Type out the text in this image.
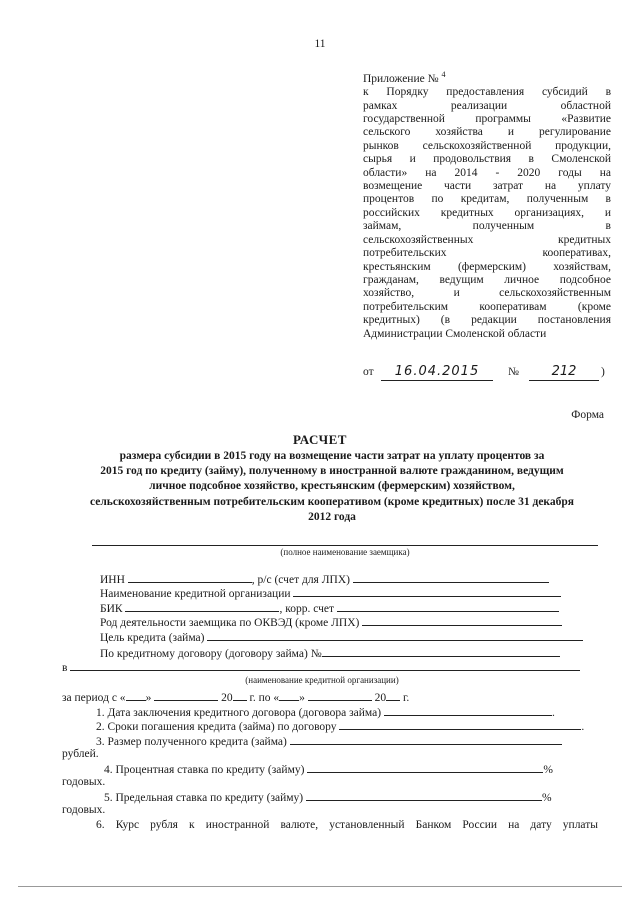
11
Приложение № $^4$
к Порядку предоставления субсидий в
рамках реализации областной
государственной программы «Развитие
сельского хозяйства и регулирование
рынков сельскохозяйственной продукции,
сырья и продовольствия в Смоленской
области» на 2014 - 2020 годы на
возмещение части затрат на уплату
процентов по кредитам, полученным в
российских кредитных организациях, и
займам, полученным в
сельскохозяйственных кредитных
потребительских кооперативах,
крестьянским (фермерским) хозяйствам,
гражданам, ведущим личное подсобное
хозяйство, и сельскохозяйственным
потребительским кооперативам (кроме
кредитных) (в редакции постановления
Администрации Смоленской области
от	16.04.2015	№	212	)
Форма
РАСЧЕТ
размера субсидии в 2015 году на возмещение части затрат на уплату процентов за
2015 год по кредиту (займу), полученному в иностранной валюте гражданином, ведущим
личное подсобное хозяйство, крестьянским (фермерским) хозяйством,
сельскохозяйственным потребительским кооперативом (кроме кредитных) после 31 декабря
2012 года
(полное наименование заемщика)
ИНН	, р/с (счет для ЛПХ)
Наименование кредитной организации
БИК	, корр. счет
Род деятельности заемщика по ОКВЭД (кроме ЛПХ)
Цель кредита (займа)
По кредитному договору (договору займа) №
в
(наименование кредитной организации)
за период с « »	20 г. по « »	20 г.
1. Дата заключения кредитного договора (договора займа)	.
2. Сроки погашения кредита (займа) по договору	.
3. Размер полученного кредита (займа)
рублей.
4. Процентная ставка по кредиту (займу)	%
годовых.
5. Предельная ставка по кредиту (займу)	%
годовых.
6. Курс рубля к иностранной валюте, установленный Банком России на дату уплаты
